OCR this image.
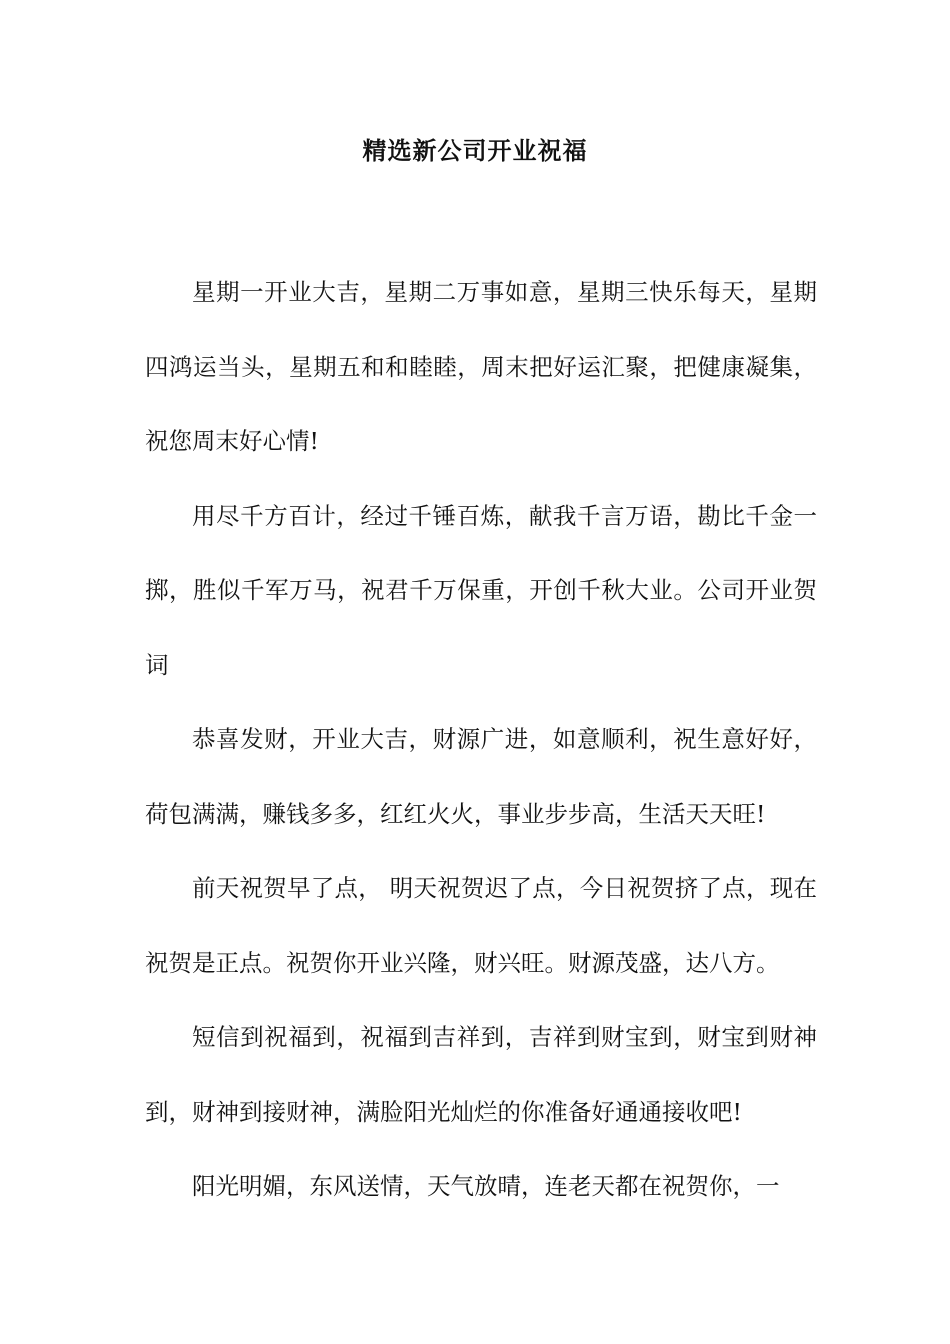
精选新公司开业祝福

星期一开业大吉，星期二万事如意，星期三快乐每天，星期四鸿运当头，星期五和和睦睦，周末把好运汇聚，把健康凝集，祝您周末好心情!

用尽千方百计，经过千锤百炼，献我千言万语，勘比千金一掷，胜似千军万马，祝君千万保重，开创千秋大业。公司开业贺词

恭喜发财，开业大吉，财源广进，如意顺利，祝生意好好，荷包满满，赚钱多多，红红火火，事业步步高，生活天天旺!

前天祝贺早了点， 明天祝贺迟了点，今日祝贺挤了点，现在祝贺是正点。祝贺你开业兴隆，财兴旺。财源茂盛，达八方。

短信到祝福到，祝福到吉祥到，吉祥到财宝到，财宝到财神到，财神到接财神，满脸阳光灿烂的你准备好通通接收吧!

阳光明媚，东风送情，天气放晴，连老天都在祝贺你，一
